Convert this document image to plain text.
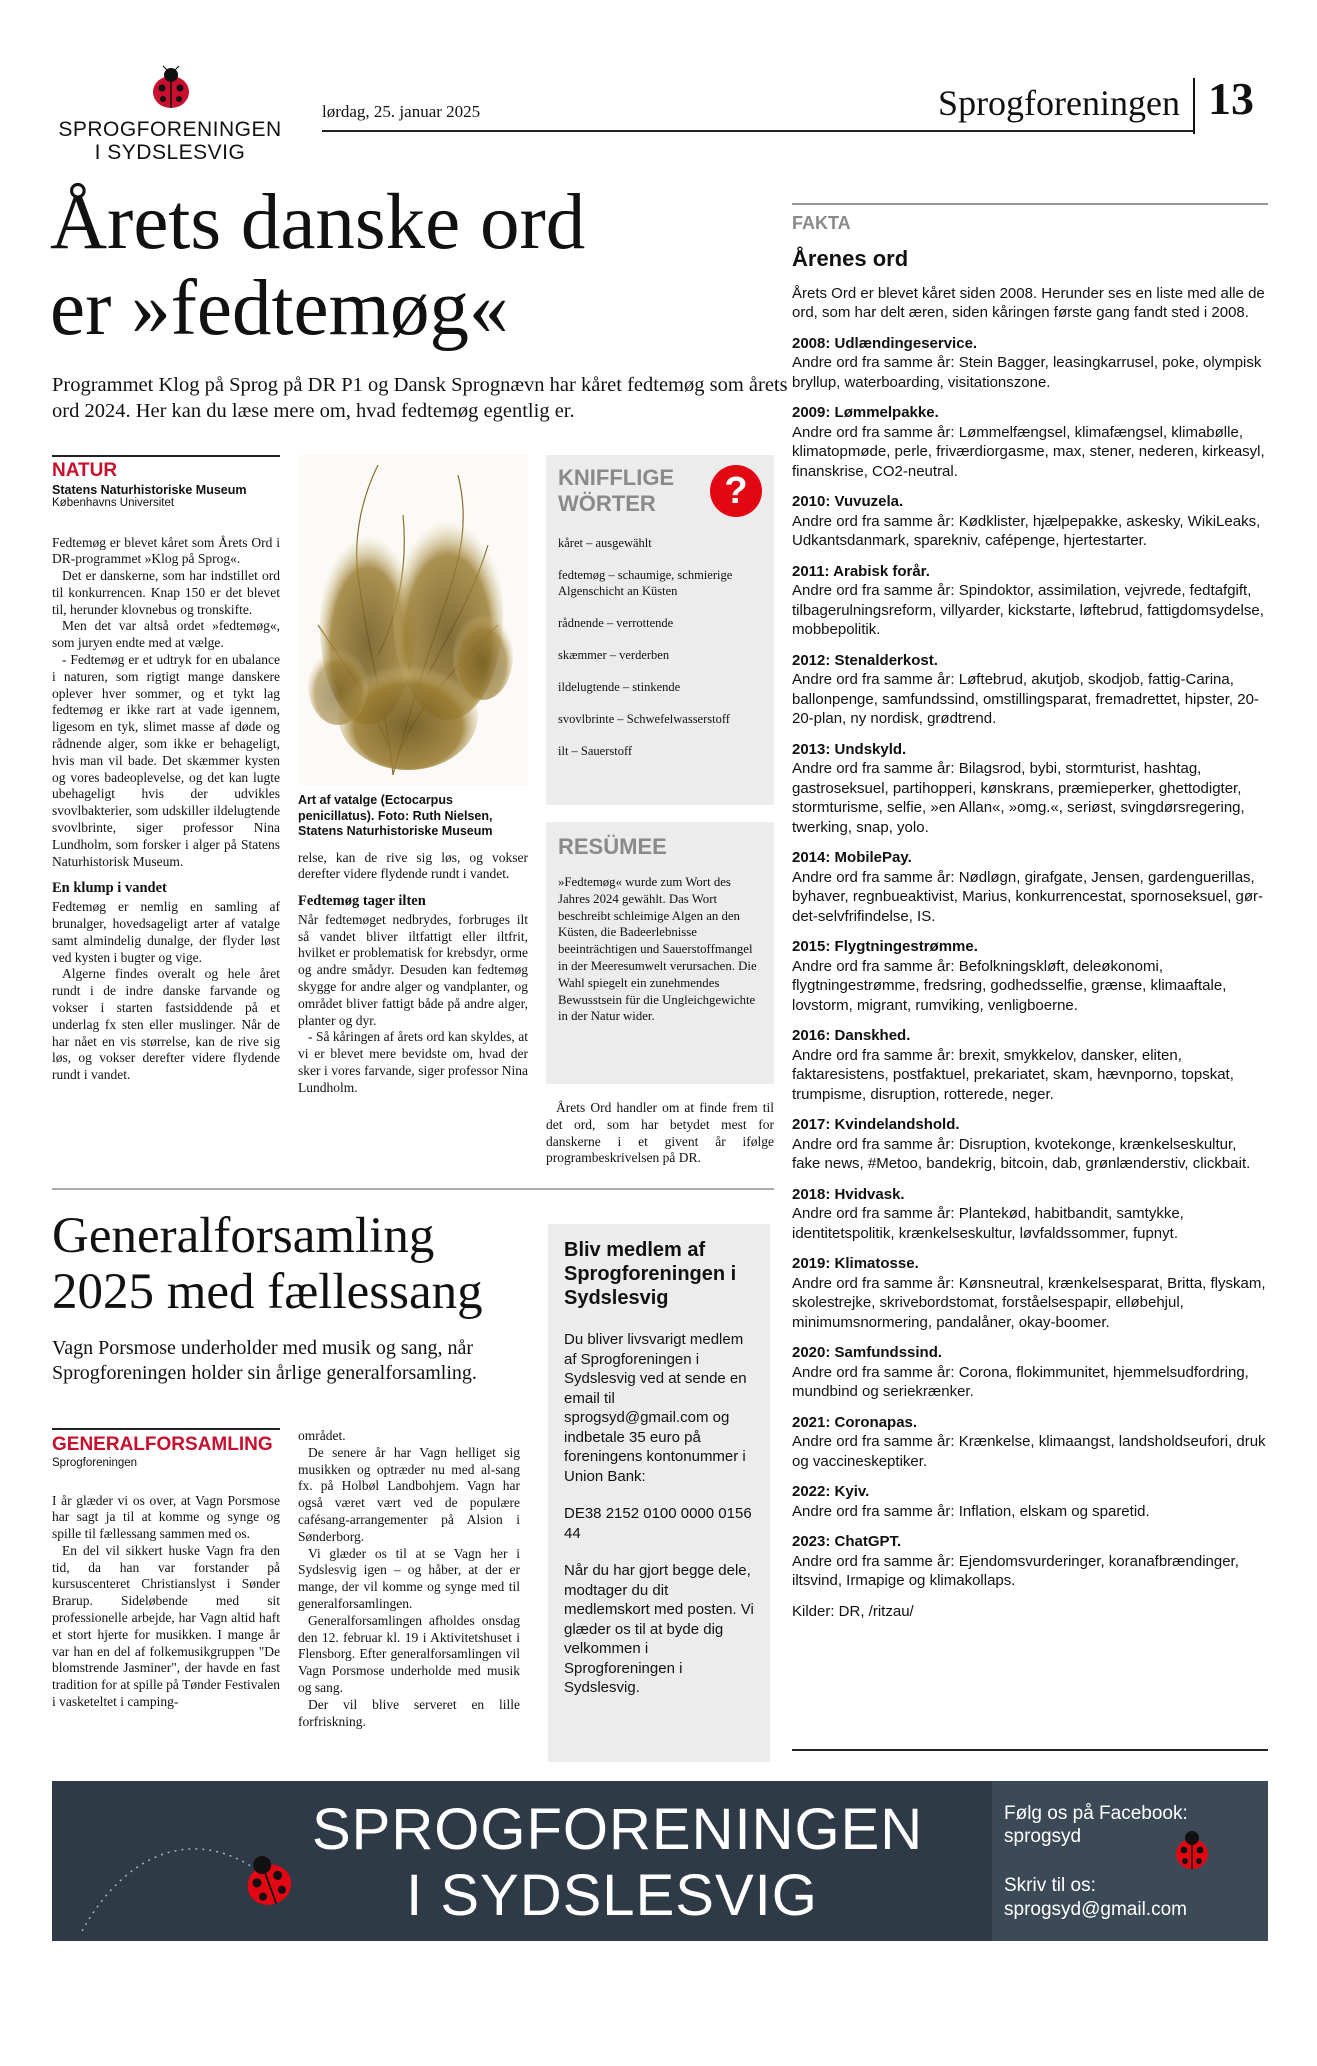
SPROGFORENINGEN
I SYDSLESVIG
lørdag, 25. januar 2025	Sprogforeningen 13
Årets danske ord
er »fedtemøg«
Programmet Klog på Sprog på DR P1 og Dansk Sprognævn har kåret fedtemøg som årets ord 2024. Her kan du læse mere om, hvad fedtemøg egentlig er.
NATUR
Statens Naturhistoriske Museum
Københavns Universitet

Fedtemøg er blevet kåret som Årets Ord i DR-programmet »Klog på Sprog«.

Det er danskerne, som har indstillet ord til konkurrencen. Knap 150 er det blevet til, herunder klovnebus og tronskifte.

Men det var altså ordet »fedtemøg«, som juryen endte med at vælge.

- Fedtemøg er et udtryk for en ubalance i naturen, som rigtigt mange danskere oplever hver sommer, og et tykt lag fedtemøg er ikke rart at vade igennem, ligesom en tyk, slimet masse af døde og rådnende alger, som ikke er behageligt, hvis man vil bade. Det skæmmer kysten og vores badeoplevelse, og det kan lugte ubehageligt hvis der udvikles svovlbakterier, som udskiller ildelugtende svovlbrinte, siger professor Nina Lundholm, som forsker i alger på Statens Naturhistorisk Museum.

En klump i vandet

Fedtemøg er nemlig en samling af brunalger, hovedsageligt arter af vatalge samt almindelig dunalge, der flyder løst ved kysten i bugter og vige.

Algerne findes overalt og hele året rundt i de indre danske farvande og vokser i starten fastsiddende på et underlag fx sten eller muslinger. Når de har nået en vis størrelse, kan de rive sig løs, og vokser derefter videre flydende rundt i vandet.

Art af vatalge (Ectocarpus penicillatus). Foto: Ruth Nielsen, Statens Naturhistoriske Museum

relse, kan de rive sig løs, og vokser derefter videre flydende rundt i vandet.

Fedtemøg tager ilten

Når fedtemøget nedbrydes, forbruges ilt så vandet bliver iltfattigt eller iltfrit, hvilket er problematisk for krebsdyr, orme og andre smådyr. Desuden kan fedtemøg skygge for andre alger og vandplanter, og området bliver fattigt både på andre alger, planter og dyr.

- Så kåringen af årets ord kan skyldes, at vi er blevet mere bevidste om, hvad der sker i vores farvande, siger professor Nina Lundholm.

KNIFFLIGE
WÖRTER	?
kåret – ausgewählt
fedtemøg – schaumige, schmierige Algenschicht an Küsten
rådnende – verrottende
skæmmer – verderben
ildelugtende – stinkende
svovlbrinte – Schwefelwasserstoff
ilt – Sauerstoff
RESÜMEE
»Fedtemøg« wurde zum Wort des Jahres 2024 gewählt. Das Wort beschreibt schleimige Algen an den Küsten, die Badeerlebnisse beeinträchtigen und Sauerstoffmangel in der Meeresumwelt verursachen. Die Wahl spiegelt ein zunehmendes Bewusstsein für die Ungleichgewichte in der Natur wider.

Årets Ord handler om at finde frem til det ord, som har betydet mest for danskerne i et givent år ifølge programbeskrivelsen på DR.

FAKTA
Årenes ord
Årets Ord er blevet kåret siden 2008. Herunder ses en liste med alle de ord, som har delt æren, siden kåringen første gang fandt sted i 2008.
2008: Udlændingeservice.
Andre ord fra samme år: Stein Bagger, leasingkarrusel, poke, olympisk bryllup, waterboarding, visitationszone.
2009: Lømmelpakke.
Andre ord fra samme år: Lømmelfængsel, klimafængsel, klimabølle, klimatopmøde, perle, friværdiorgasme, max, stener, nederen, kirkeasyl, finanskrise, CO2-neutral.
2010: Vuvuzela.
Andre ord fra samme år: Kødklister, hjælpepakke, askesky, WikiLeaks, Udkantsdanmark, sparekniv, cafépenge, hjertestarter.
2011: Arabisk forår.
Andre ord fra samme år: Spindoktor, assimilation, vejvrede, fedtafgift, tilbagerulningsreform, villyarder, kickstarte, løftebrud, fattigdomsydelse, mobbepolitik.
2012: Stenalderkost.
Andre ord fra samme år: Løftebrud, akutjob, skodjob, fattig-Carina, ballonpenge, samfundssind, omstillingsparat, fremadrettet, hipster, 20-20-plan, ny nordisk, grødtrend.
2013: Undskyld.
Andre ord fra samme år: Bilagsrod, bybi, stormturist, hashtag, gastroseksuel, partihopperi, kønskrans, præmieperker, ghettodigter, stormturisme, selfie, »en Allan«, »omg.«, seriøst, svingdørsregering, twerking, snap, yolo.
2014: MobilePay.
Andre ord fra samme år: Nødløgn, girafgate, Jensen, gardenguerillas, byhaver, regnbueaktivist, Marius, konkurrencestat, spornoseksuel, gør-det-selvfrifindelse, IS.
2015: Flygtningestrømme.
Andre ord fra samme år: Befolkningskløft, deleøkonomi, flygtningestrømme, fredsring, godhedsselfie, grænse, klimaaftale, lovstorm, migrant, rumviking, venligboerne.
2016: Danskhed.
Andre ord fra samme år: brexit, smykkelov, dansker, eliten, faktaresistens, postfaktuel, prekariatet, skam, hævnporno, topskat, trumpisme, disruption, rotterede, neger.
2017: Kvindelandshold.
Andre ord fra samme år: Disruption, kvotekonge, krænkelseskultur, fake news, #Metoo, bandekrig, bitcoin, dab, grønlænderstiv, clickbait.
2018: Hvidvask.
Andre ord fra samme år: Plantekød, habitbandit, samtykke, identitetspolitik, krænkelseskultur, løvfaldssommer, fupnyt.
2019: Klimatosse.
Andre ord fra samme år: Kønsneutral, krænkelsesparat, Britta, flyskam, skolestrejke, skrivebordstomat, forståelsespapir, elløbehjul, minimumsnormering, pandalåner, okay-boomer.
2020: Samfundssind.
Andre ord fra samme år: Corona, flokimmunitet, hjemmelsudfordring, mundbind og seriekrænker.
2021: Coronapas.
Andre ord fra samme år: Krænkelse, klimaangst, landsholdseufori, druk og vaccineskeptiker.
2022: Kyiv.
Andre ord fra samme år: Inflation, elskam og sparetid.
2023: ChatGPT.
Andre ord fra samme år: Ejendomsvurderinger, koranafbrændinger, iltsvind, Irmapige og klimakollaps.
Kilder: DR, /ritzau/
Generalforsamling
2025 med fællessang
Vagn Porsmose underholder med musik og sang, når Sprogforeningen holder sin årlige generalforsamling.
GENERALFORSAMLING
Sprogforeningen

I år glæder vi os over, at Vagn Porsmose har sagt ja til at komme og synge og spille til fællessang sammen med os.

En del vil sikkert huske Vagn fra den tid, da han var forstander på kursuscenteret Christianslyst i Sønder Brarup. Sideløbende med sit professionelle arbejde, har Vagn altid haft et stort hjerte for musikken. I mange år var han en del af folkemusikgruppen "De blomstrende Jasminer", der havde en fast tradition for at spille på Tønder Festivalen i vasketeltet i camping-

området.

De senere år har Vagn helliget sig musikken og optræder nu med al-sang fx. på Holbøl Landbohjem. Vagn har også været vært ved de populære cafésang-arrangementer på Alsion i Sønderborg.

Vi glæder os til at se Vagn her i Sydslesvig igen – og håber, at der er mange, der vil komme og synge med til generalforsamlingen.

Generalforsamlingen afholdes onsdag den 12. februar kl. 19 i Aktivitetshuset i Flensborg. Efter generalforsamlingen vil Vagn Porsmose underholde med musik og sang.

Der vil blive serveret en lille forfriskning.

Bliv medlem af Sprogforeningen i Sydslesvig
Du bliver livsvarigt medlem af Sprogforeningen i Sydslesvig ved at sende en email til sprogsyd@gmail.com og indbetale 35 euro på foreningens kontonummer i Union Bank:
DE38 2152 0100 0000 0156 44
Når du har gjort begge dele, modtager du dit medlemskort med posten. Vi glæder os til at byde dig velkommen i Sprogforeningen i Sydslesvig.
SPROGFORENINGEN
I SYDSLESVIG
Følg os på Facebook:
sprogsyd
Skriv til os:
sprogsyd@gmail.com
